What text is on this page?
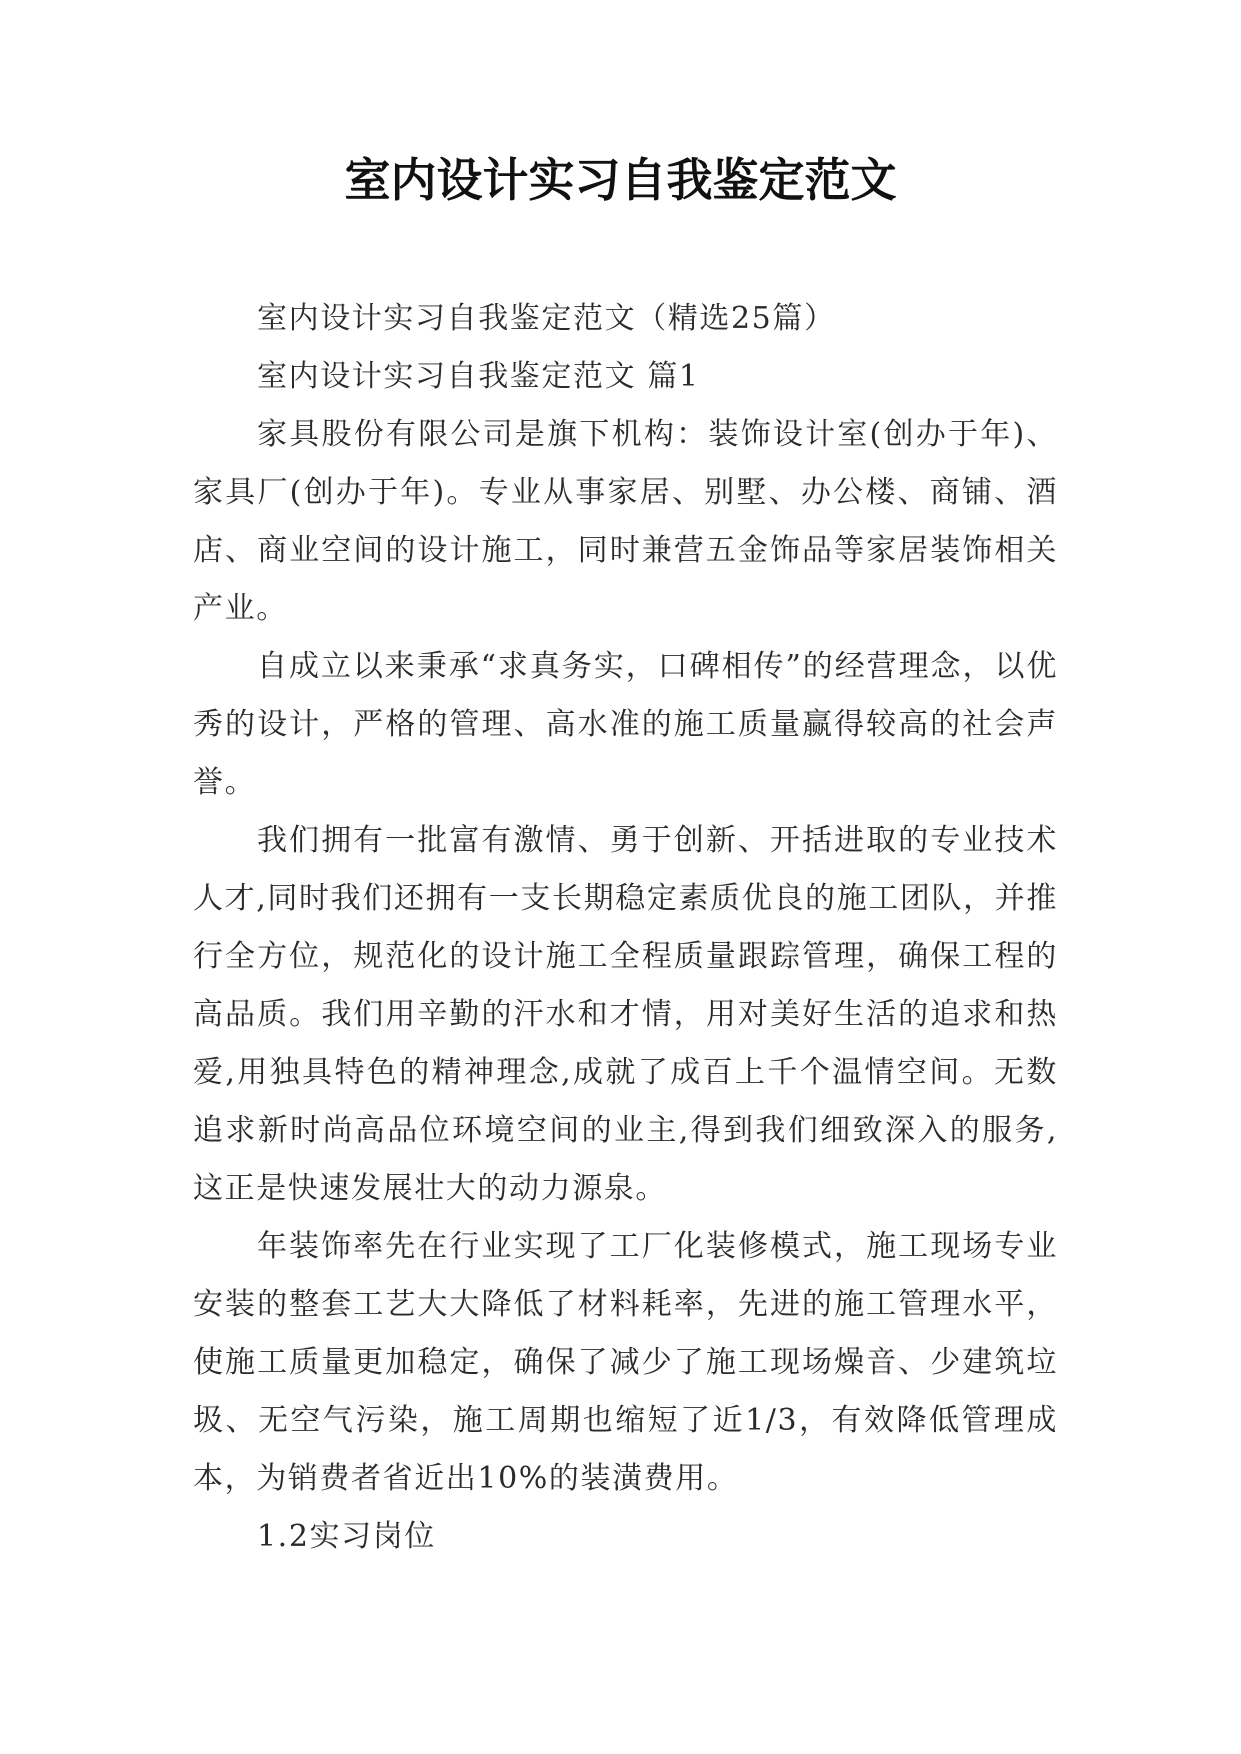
室内设计实习自我鉴定范文

室内设计实习自我鉴定范文（精选25篇）

室内设计实习自我鉴定范文 篇1

家具股份有限公司是旗下机构：装饰设计室(创办于年)、家具厂(创办于年)。专业从事家居、别墅、办公楼、商铺、酒店、商业空间的设计施工，同时兼营五金饰品等家居装饰相关产业。

自成立以来秉承“求真务实，口碑相传”的经营理念，以优秀的设计，严格的管理、高水准的施工质量赢得较高的社会声誉。

我们拥有一批富有激情、勇于创新、开括进取的专业技术人才,同时我们还拥有一支长期稳定素质优良的施工团队，并推行全方位，规范化的设计施工全程质量跟踪管理，确保工程的高品质。我们用辛勤的汗水和才情，用对美好生活的追求和热爱,用独具特色的精神理念,成就了成百上千个温情空间。无数追求新时尚高品位环境空间的业主,得到我们细致深入的服务,这正是快速发展壮大的动力源泉。

年装饰率先在行业实现了工厂化装修模式，施工现场专业安装的整套工艺大大降低了材料耗率，先进的施工管理水平，使施工质量更加稳定，确保了减少了施工现场燥音、少建筑垃圾、无空气污染，施工周期也缩短了近1/3，有效降低管理成本，为销费者省近出10%的装潢费用。

1.2实习岗位
